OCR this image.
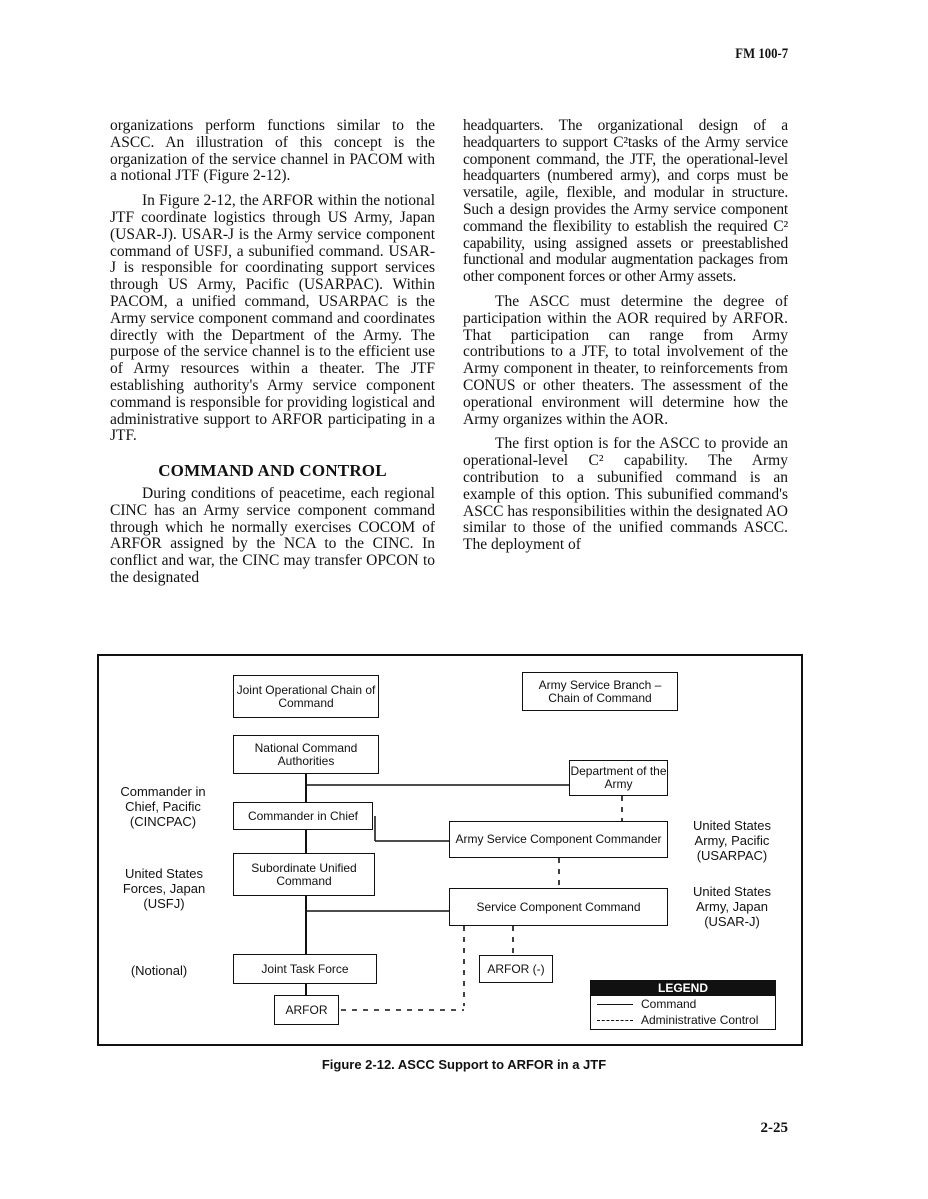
FM 100-7

organizations perform functions similar to the ASCC. An illustration of this concept is the organization of the service channel in PACOM with a notional JTF (Figure 2-12).

In Figure 2-12, the ARFOR within the notional JTF coordinate logistics through US Army, Japan (USAR-J). USAR-J is the Army service component command of USFJ, a subunified command. USAR-J is responsible for coordinating support services through US Army, Pacific (USARPAC). Within PACOM, a unified command, USARPAC is the Army service component command and coordinates directly with the Department of the Army. The purpose of the service channel is to the efficient use of Army resources within a theater. The JTF establishing authority's Army service component command is responsible for providing logistical and administrative support to ARFOR participating in a JTF.

COMMAND AND CONTROL

During conditions of peacetime, each regional CINC has an Army service component command through which he normally exercises COCOM of ARFOR assigned by the NCA to the CINC. In conflict and war, the CINC may transfer OPCON to the designated

headquarters. The organizational design of a headquarters to support C²tasks of the Army service component command, the JTF, the operational-level headquarters (numbered army), and corps must be versatile, agile, flexible, and modular in structure. Such a design provides the Army service component command the flexibility to establish the required C² capability, using assigned assets or preestablished functional and modular augmentation packages from other component forces or other Army assets.

The ASCC must determine the degree of participation within the AOR required by ARFOR. That participation can range from Army contributions to a JTF, to total involvement of the Army component in theater, to reinforcements from CONUS or other theaters. The assessment of the operational environment will determine how the Army organizes within the AOR.

The first option is for the ASCC to provide an operational-level C² capability. The Army contribution to a subunified command is an example of this option. This subunified command's ASCC has responsibilities within the designated AO similar to those of the unified commands ASCC. The deployment of

Joint Operational Chain of Command
Army Service Branch – Chain of Command
National Command Authorities
Commander in Chief
Subordinate Unified Command
Joint Task Force
ARFOR
Department of the Army
Army Service Component Commander
Service Component Command
ARFOR (-)
Commander in Chief, Pacific (CINCPAC)
United States Forces, Japan (USFJ)
(Notional)
United States Army, Pacific (USARPAC)
United States Army, Japan (USAR-J)
LEGEND
Command
Administrative Control
Figure 2-12. ASCC Support to ARFOR in a JTF
2-25
